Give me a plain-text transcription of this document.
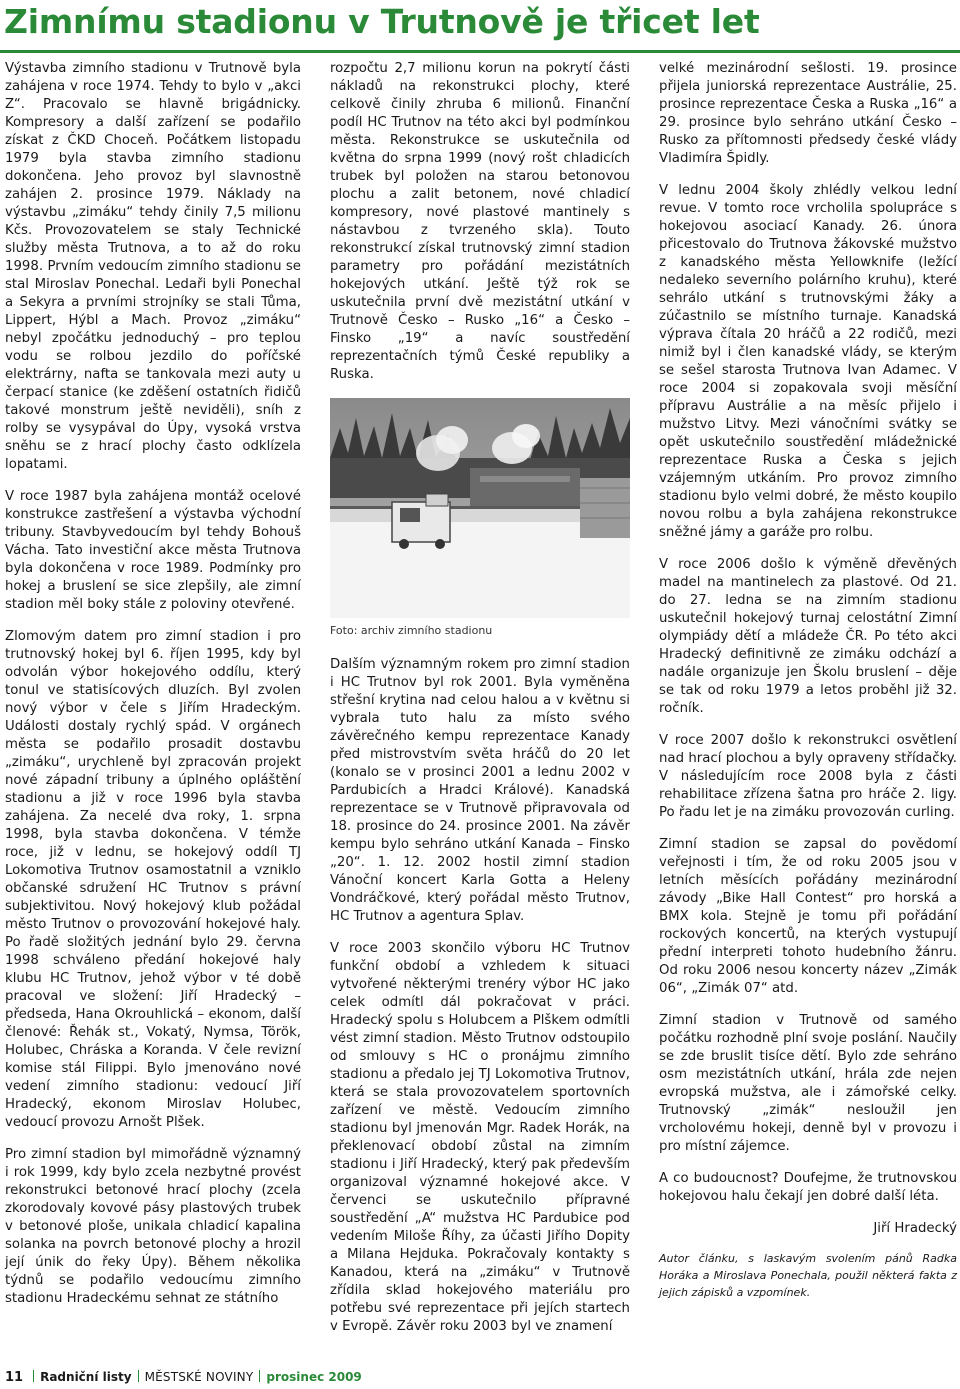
Zimnímu stadionu v Trutnově je třicet let

Výstavba zimního stadionu v Trutnově byla zahájena v roce 1974. Tehdy to bylo v „akci Z“. Pracovalo se hlavně brigádnicky. Kompresory a další zařízení se podařilo získat z ČKD Choceň. Počátkem listopadu 1979 byla stavba zimního stadionu dokončena. Jeho provoz byl slavnostně zahájen 2. prosince 1979. Náklady na výstavbu „zimáku“ tehdy činily 7,5 milionu Kčs. Provozovatelem se staly Technické služby města Trutnova, a to až do roku 1998. Prvním vedoucím zimního stadionu se stal Miroslav Ponechal. Ledaři byli Ponechal a Sekyra a prvními strojníky se stali Tůma, Lippert, Hýbl a Mach. Provoz „zimáku“ nebyl zpočátku jednoduchý – pro teplou vodu se rolbou jezdilo do poříčské elektrárny, nafta se tankovala mezi auty u čerpací stanice (ke zděšení ostatních řidičů takové monstrum ještě neviděli), sníh z rolby se vysypával do Úpy, vysoká vrstva sněhu se z hrací plochy často odklízela lopatami.

V roce 1987 byla zahájena montáž ocelové konstrukce zastřešení a výstavba východní tribuny. Stavbyvedoucím byl tehdy Bohouš Vácha. Tato investiční akce města Trutnova byla dokončena v roce 1989. Podmínky pro hokej a bruslení se sice zlepšily, ale zimní stadion měl boky stále z poloviny otevřené.

Zlomovým datem pro zimní stadion i pro trutnovský hokej byl 6. říjen 1995, kdy byl odvolán výbor hokejového oddílu, který tonul ve statisícových dluzích. Byl zvolen nový výbor v čele s Jiřím Hradeckým. Události dostaly rychlý spád. V orgánech města se podařilo prosadit dostavbu „zimáku“, urychleně byl zpracován projekt nové západní tribuny a úplného opláštění stadionu a již v roce 1996 byla stavba zahájena. Za necelé dva roky, 1. srpna 1998, byla stavba dokončena. V témže roce, již v lednu, se hokejový oddíl TJ Lokomotiva Trutnov osamostatnil a vzniklo občanské sdružení HC Trutnov s právní subjektivitou. Nový hokejový klub požádal město Trutnov o provozování hokejové haly. Po řadě složitých jednání bylo 29. června 1998 schváleno předání hokejové haly klubu HC Trutnov, jehož výbor v té době pracoval ve složení: Jiří Hradecký – předseda, Hana Okrouhlická – ekonom, další členové: Řehák st., Vokatý, Nymsa, Török, Holubec, Chráska a Koranda. V čele revizní komise stál Filippi. Bylo jmenováno nové vedení zimního stadionu: vedoucí Jiří Hradecký, ekonom Miroslav Holubec, vedoucí provozu Arnošt Plšek.

Pro zimní stadion byl mimořádně významný i rok 1999, kdy bylo zcela nezbytné provést rekonstrukci betonové hrací plochy (zcela zkorodovaly kovové pásy plastových trubek v betonové ploše, unikala chladicí kapalina solanka na povrch betonové plochy a hrozil její únik do řeky Úpy). Během několika týdnů se podařilo vedoucímu zimního stadionu Hradeckému sehnat ze státního

rozpočtu 2,7 milionu korun na pokrytí části nákladů na rekonstrukci plochy, které celkově činily zhruba 6 milionů. Finanční podíl HC Trutnov na této akci byl podmínkou města. Rekonstrukce se uskutečnila od května do srpna 1999 (nový rošt chladicích trubek byl položen na starou betonovou plochu a zalit betonem, nové chladicí kompresory, nové plastové mantinely s nástavbou z tvrzeného skla). Touto rekonstrukcí získal trutnovský zimní stadion parametry pro pořádání mezistátních hokejových utkání. Ještě týž rok se uskutečnila první dvě mezistátní utkání v Trutnově Česko – Rusko „16“ a Česko – Finsko „19“ a navíc soustředění reprezentačních týmů České republiky a Ruska.

Foto: archiv zimního stadionu

Dalším významným rokem pro zimní stadion i HC Trutnov byl rok 2001. Byla vyměněna střešní krytina nad celou halou a v květnu si vybrala tuto halu za místo svého závěrečného kempu reprezentace Kanady před mistrovstvím světa hráčů do 20 let (konalo se v prosinci 2001 a lednu 2002 v Pardubicích a Hradci Králové). Kanadská reprezentace se v Trutnově připravovala od 18. prosince do 24. prosince 2001. Na závěr kempu bylo sehráno utkání Kanada – Finsko „20“. 1. 12. 2002 hostil zimní stadion Vánoční koncert Karla Gotta a Heleny Vondráčkové, který pořádal město Trutnov, HC Trutnov a agentura Splav.

V roce 2003 skončilo výboru HC Trutnov funkční období a vzhledem k situaci vytvořené některými trenéry výbor HC jako celek odmítl dál pokračovat v práci. Hradecký spolu s Holubcem a Plškem odmítli vést zimní stadion. Město Trutnov odstoupilo od smlouvy s HC o pronájmu zimního stadionu a předalo jej TJ Lokomotiva Trutnov, která se stala provozovatelem sportovních zařízení ve městě. Vedoucím zimního stadionu byl jmenován Mgr. Radek Horák, na překlenovací období zůstal na zimním stadionu i Jiří Hradecký, který pak především organizoval významné hokejové akce. V červenci se uskutečnilo přípravné soustředění „A“ mužstva HC Pardubice pod vedením Miloše Říhy, za účasti Jiřího Dopity a Milana Hejduka. Pokračovaly kontakty s Kanadou, která na „zimáku“ v Trutnově zřídila sklad hokejového materiálu pro potřebu své reprezentace při jejích startech v Evropě. Závěr roku 2003 byl ve znamení

velké mezinárodní sešlosti. 19. prosince přijela juniorská reprezentace Austrálie, 25. prosince reprezentace Česka a Ruska „16“ a 29. prosince bylo sehráno utkání Česko – Rusko za přítomnosti předsedy české vlády Vladimíra Špidly.

V lednu 2004 školy zhlédly velkou lední revue. V tomto roce vrcholila spolupráce s hokejovou asociací Kanady. 26. února přicestovalo do Trutnova žákovské mužstvo z kanadského města Yellowknife (ležící nedaleko severního polárního kruhu), které sehrálo utkání s trutnovskými žáky a zúčastnilo se místního turnaje. Kanadská výprava čítala 20 hráčů a 22 rodičů, mezi nimiž byl i člen kanadské vlády, se kterým se sešel starosta Trutnova Ivan Adamec. V roce 2004 si zopakovala svoji měsíční přípravu Austrálie a na měsíc přijelo i mužstvo Litvy. Mezi vánočními svátky se opět uskutečnilo soustředění mládežnické reprezentace Ruska a Česka s jejich vzájemným utkáním. Pro provoz zimního stadionu bylo velmi dobré, že město koupilo novou rolbu a byla zahájena rekonstrukce sněžné jámy a garáže pro rolbu.

V roce 2006 došlo k výměně dřevěných madel na mantinelech za plastové. Od 21. do 27. ledna se na zimním stadionu uskutečnil hokejový turnaj celostátní Zimní olympiády dětí a mládeže ČR. Po této akci Hradecký definitivně ze zimáku odchází a nadále organizuje jen Školu bruslení – děje se tak od roku 1979 a letos proběhl již 32. ročník.

V roce 2007 došlo k rekonstrukci osvětlení nad hrací plochou a byly opraveny střídačky. V následujícím roce 2008 byla z části rehabilitace zřízena šatna pro hráče 2. ligy. Po řadu let je na zimáku provozován curling.

Zimní stadion se zapsal do povědomí veřejnosti i tím, že od roku 2005 jsou v letních měsících pořádány mezinárodní závody „Bike Hall Contest“ pro horská a BMX kola. Stejně je tomu při pořádání rockových koncertů, na kterých vystupují přední interpreti tohoto hudebního žánru. Od roku 2006 nesou koncerty název „Zimák 06“, „Zimák 07“ atd.

Zimní stadion v Trutnově od samého počátku rozhodně plní svoje poslání. Naučily se zde bruslit tisíce dětí. Bylo zde sehráno osm mezistátních utkání, hrála zde nejen evropská mužstva, ale i zámořské celky. Trutnovský „zimák“ nesloužil jen vrcholovému hokeji, denně byl v provozu i pro místní zájemce.

A co budoucnost? Doufejme, že trutnovskou hokejovou halu čekají jen dobré další léta.

Jiří Hradecký

Autor článku, s laskavým svolením pánů Radka Horáka a Miroslava Ponechala, použil některá fakta z jejich zápisků a vzpomínek.
11 Radniční listy MĚSTSKÉ NOVINY prosinec 2009
